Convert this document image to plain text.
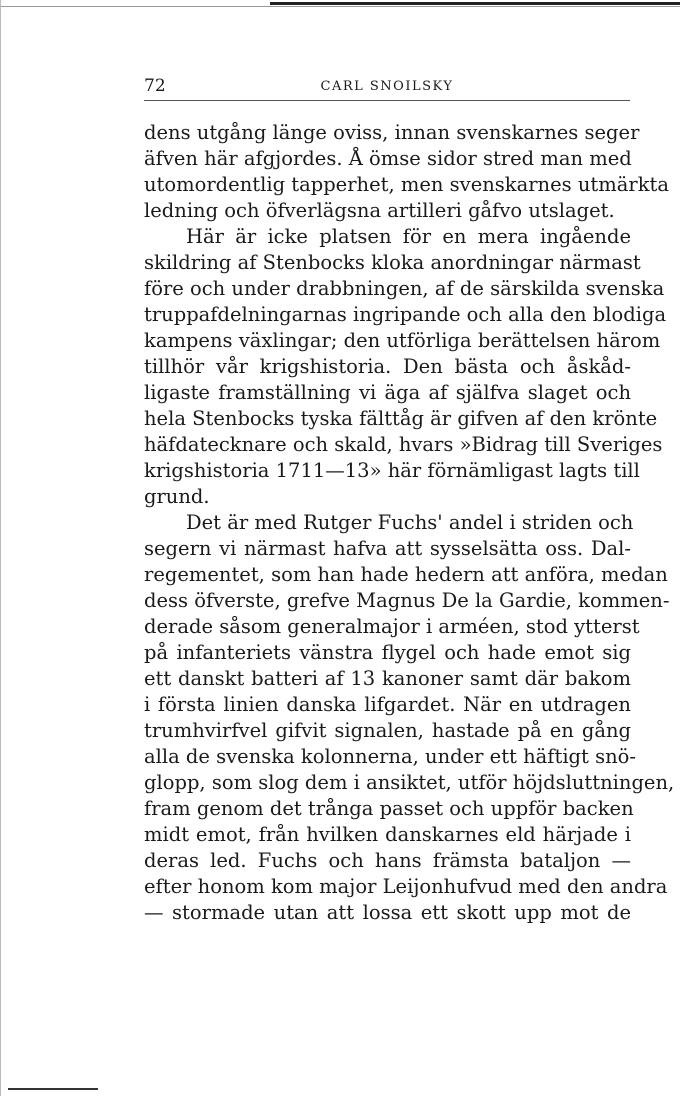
72	CARL SNOILSKY
dens utgång länge oviss, innan svenskarnes seger
äfven här afgjordes. Å ömse sidor stred man med
utomordentlig tapperhet, men svenskarnes utmärkta
ledning och öfverlägsna artilleri gåfvo utslaget.
Här är icke platsen för en mera ingående
skildring af Stenbocks kloka anordningar närmast
före och under drabbningen, af de särskilda svenska
truppafdelningarnas ingripande och alla den blodiga
kampens växlingar; den utförliga berättelsen härom
tillhör vår krigshistoria. Den bästa och åskåd-
ligaste framställning vi äga af själfva slaget och
hela Stenbocks tyska fälttåg är gifven af den krönte
häfdatecknare och skald, hvars »Bidrag till Sveriges
krigshistoria 1711—13» här förnämligast lagts till
grund.
Det är med Rutger Fuchs' andel i striden och
segern vi närmast hafva att sysselsätta oss. Dal-
regementet, som han hade hedern att anföra, medan
dess öfverste, grefve Magnus De la Gardie, kommen-
derade såsom generalmajor i arméen, stod ytterst
på infanteriets vänstra flygel och hade emot sig
ett danskt batteri af 13 kanoner samt där bakom
i första linien danska lifgardet. När en utdragen
trumhvirfvel gifvit signalen, hastade på en gång
alla de svenska kolonnerna, under ett häftigt snö-
glopp, som slog dem i ansiktet, utför höjdsluttningen,
fram genom det trånga passet och uppför backen
midt emot, från hvilken danskarnes eld härjade i
deras led. Fuchs och hans främsta bataljon —
efter honom kom major Leijonhufvud med den andra
— stormade utan att lossa ett skott upp mot de
